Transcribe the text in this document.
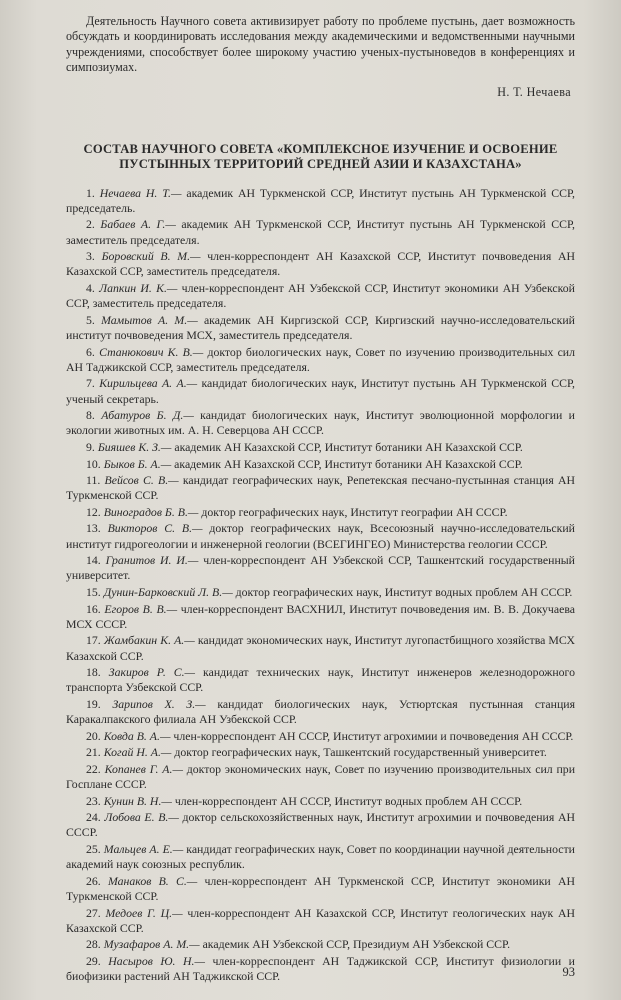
Деятельность Научного совета активизирует работу по проблеме пустынь, дает возможность обсуждать и координировать исследования между академическими и ведомственными научными учреждениями, способствует более широкому участию ученых-пустыноведов в конференциях и симпозиумах.

Н. Т. Нечаева
СОСТАВ НАУЧНОГО СОВЕТА «КОМПЛЕКСНОЕ ИЗУЧЕНИЕ И ОСВОЕНИЕ
ПУСТЫННЫХ ТЕРРИТОРИЙ СРЕДНЕЙ АЗИИ И КАЗАХСТАНА»
1. Нечаева Н. Т.— академик АН Туркменской ССР, Институт пустынь АН Туркменской ССР, председатель.
2. Бабаев А. Г.— академик АН Туркменской ССР, Институт пустынь АН Туркменской ССР, заместитель председателя.
3. Боровский В. М.— член-корреспондент АН Казахской ССР, Институт почвоведения АН Казахской ССР, заместитель председателя.
4. Лапкин И. К.— член-корреспондент АН Узбекской ССР, Институт экономики АН Узбекской ССР, заместитель председателя.
5. Мамытов А. М.— академик АН Киргизской ССР, Киргизский научно-исследовательский институт почвоведения МСХ, заместитель председателя.
6. Станюкович К. В.— доктор биологических наук, Совет по изучению производительных сил АН Таджикской ССР, заместитель председателя.
7. Кирильцева А. А.— кандидат биологических наук, Институт пустынь АН Туркменской ССР, ученый секретарь.
8. Абатуров Б. Д.— кандидат биологических наук, Институт эволюционной морфологии и экологии животных им. А. Н. Северцова АН СССР.
9. Бияшев К. З.— академик АН Казахской ССР, Институт ботаники АН Казахской ССР.
10. Быков Б. А.— академик АН Казахской ССР, Институт ботаники АН Казахской ССР.
11. Вейсов С. В.— кандидат географических наук, Репетекская песчано-пустынная станция АН Туркменской ССР.
12. Виноградов Б. В.— доктор географических наук, Институт географии АН СССР.
13. Викторов С. В.— доктор географических наук, Всесоюзный научно-исследовательский институт гидрогеологии и инженерной геологии (ВСЕГИНГЕО) Министерства геологии СССР.
14. Гранитов И. И.— член-корреспондент АН Узбекской ССР, Ташкентский государственный университет.
15. Дунин-Барковский Л. В.— доктор географических наук, Институт водных проблем АН СССР.
16. Егоров В. В.— член-корреспондент ВАСХНИЛ, Институт почвоведения им. В. В. Докучаева МСХ СССР.
17. Жамбакин К. А.— кандидат экономических наук, Институт лугопастбищного хозяйства МСХ Казахской ССР.
18. Закиров Р. С.— кандидат технических наук, Институт инженеров железнодорожного транспорта Узбекской ССР.
19. Зарипов Х. З.— кандидат биологических наук, Устюртская пустынная станция Каракалпакского филиала АН Узбекской ССР.
20. Ковда В. А.— член-корреспондент АН СССР, Институт агрохимии и почвоведения АН СССР.
21. Когай Н. А.— доктор географических наук, Ташкентский государственный университет.
22. Копанев Г. А.— доктор экономических наук, Совет по изучению производительных сил при Госплане СССР.
23. Кунин В. Н.— член-корреспондент АН СССР, Институт водных проблем АН СССР.
24. Лобова Е. В.— доктор сельскохозяйственных наук, Институт агрохимии и почвоведения АН СССР.
25. Мальцев А. Е.— кандидат географических наук, Совет по координации научной деятельности академий наук союзных республик.
26. Манаков В. С.— член-корреспондент АН Туркменской ССР, Институт экономики АН Туркменской ССР.
27. Медоев Г. Ц.— член-корреспондент АН Казахской ССР, Институт геологических наук АН Казахской ССР.
28. Музафаров А. М.— академик АН Узбекской ССР, Президиум АН Узбекской ССР.
29. Насыров Ю. Н.— член-корреспондент АН Таджикской ССР, Институт физиологии и биофизики растений АН Таджикской ССР.	93
